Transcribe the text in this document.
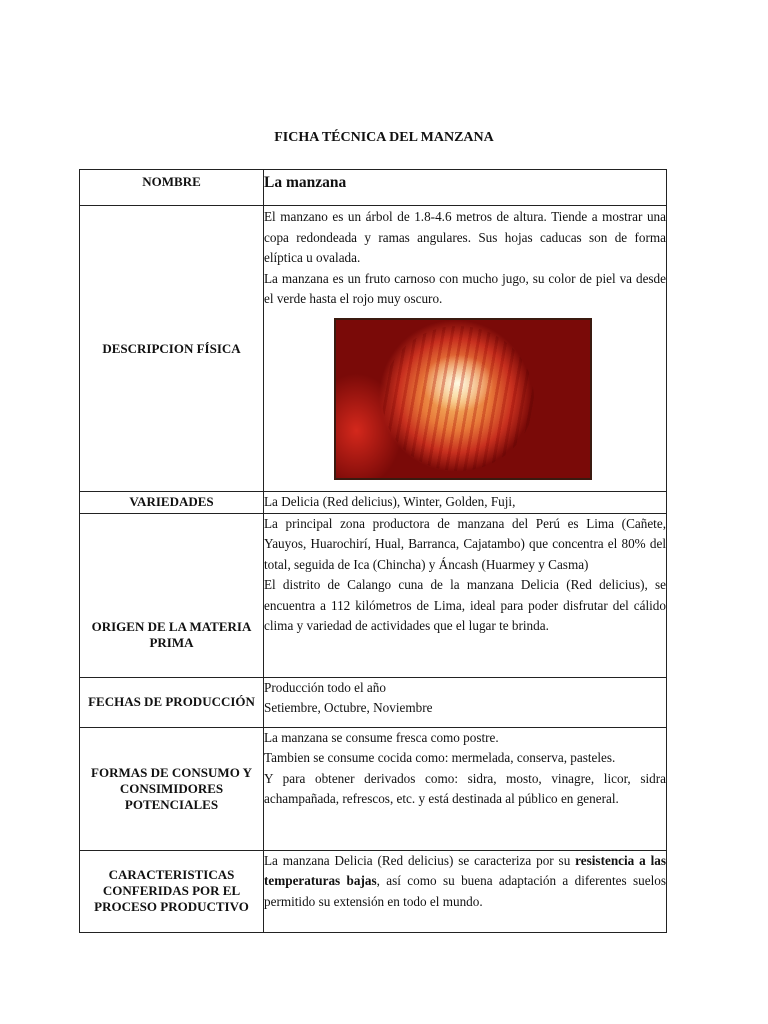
FICHA TÉCNICA DEL MANZANA
NOMBRE	La manzana
DESCRIPCION FÍSICA	El manzano es un árbol de 1.8-4.6 metros de altura. Tiende a mostrar una copa redondeada y ramas angulares. Sus hojas caducas son de forma elíptica u ovalada.

La manzana es un fruto carnoso con mucho jugo, su color de piel va desde el verde hasta el rojo muy oscuro.

VARIEDADES	La Delicia (Red delicius), Winter, Golden, Fuji,
ORIGEN DE LA MATERIA PRIMA	La principal zona productora de manzana del Perú es Lima (Cañete, Yauyos, Huarochirí, Hual, Barranca, Cajatambo) que concentra el 80% del total, seguida de Ica (Chincha) y Áncash (Huarmey y Casma)

El distrito de Calango cuna de la manzana Delicia (Red delicius), se encuentra a 112 kilómetros de Lima, ideal para poder disfrutar del cálido clima y variedad de actividades que el lugar te brinda.

FECHAS DE PRODUCCIÓN	Producción todo el año

Setiembre, Octubre, Noviembre

FORMAS DE CONSUMO Y CONSIMIDORES POTENCIALES	La manzana se consume fresca como postre.

Tambien se consume cocida como: mermelada, conserva, pasteles.

Y para obtener derivados como: sidra, mosto, vinagre, licor, sidra achampañada, refrescos, etc. y está destinada al público en general.

CARACTERISTICAS CONFERIDAS POR EL PROCESO PRODUCTIVO	La manzana Delicia (Red delicius) se caracteriza por su resistencia a las temperaturas bajas, así como su buena adaptación a diferentes suelos permitido su extensión en todo el mundo.
